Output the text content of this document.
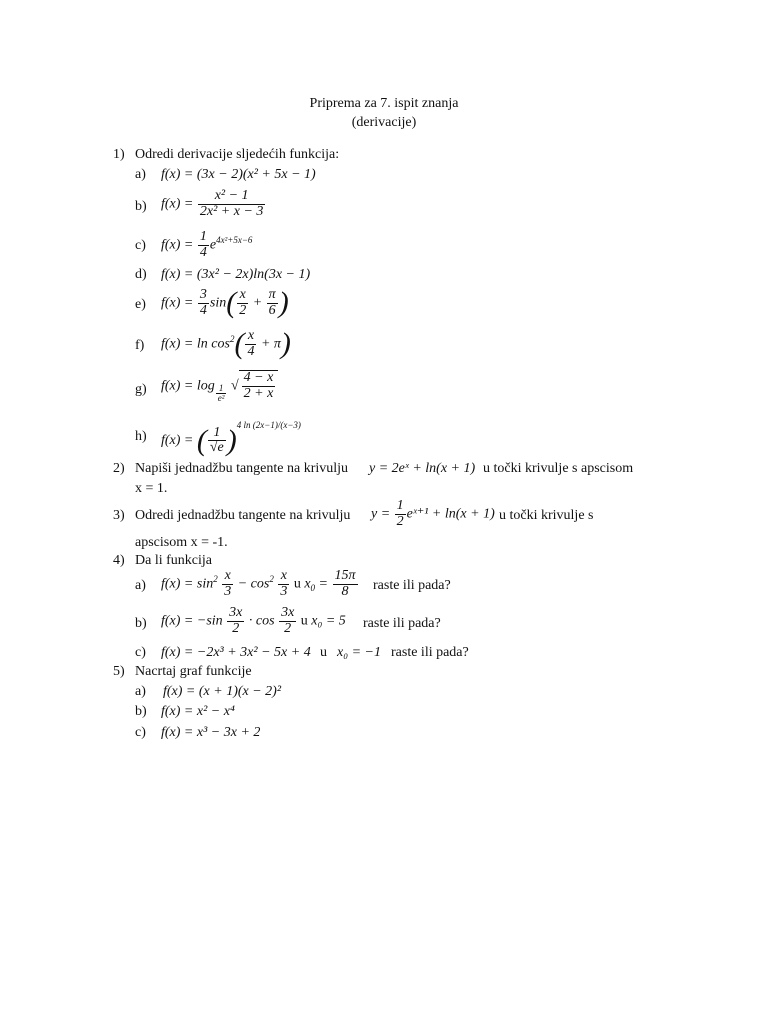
Priprema za 7. ispit znanja
(derivacije)
1) Odredi derivacije sljedećih funkcija:
a) f(x) = (3x − 2)(x² + 5x − 1)
b) $f(x) = \frac{\text{x² − 1}}{\text{2x² + x − 3}}$
c) $f(x) = \frac{1}{4} e^{4x^2+5x-6}$
d) f(x) = (3x² − 2x)ln(3x − 1)
e) $f(x) = \frac{3}{4} \sin( \frac{x}{2} + \frac{\pi}{6}$ )
f) $f(x) = \ln \cos^2( \frac{x}{4} + \pi)$
g) $f(x) = \log \frac{1}{\text{e²}}$ √ $\frac{4 - x}{2 + x}$
h) f(x) = ( $\frac{1}{√e} )^{4 ln (2x-1)/(x-3)}$
2) Napiši jednadžbu tangente na krivulju y = 2eˣ + ln(x + 1) u točki krivulje s apscisom
x = 1.
3) Odredi jednadžbu tangente na krivulju $y = \frac{1}{2}$ eˣ⁺¹ + ln(x + 1) u točki krivulje s
apscisom x = -1.
4) Da li funkcija
a) $f(x) = \sin^2 \frac{x}{3} - \cos^2 \frac{x}{3}$ u $x_0 = \frac{15\pi}{8}$ raste ili pada?
b) $f(x) = -\sin \frac{3x}{2} \cdot \cos \frac{3x}{2}$ u x₀ = 5 raste ili pada?
c) f(x) = −2x³ + 3x² − 5x + 4 u x₀ = −1 raste ili pada?
5) Nacrtaj graf funkcije
a) f(x) = (x + 1)(x − 2)²
b) f(x) = x² − x⁴
c) f(x) = x³ − 3x + 2
